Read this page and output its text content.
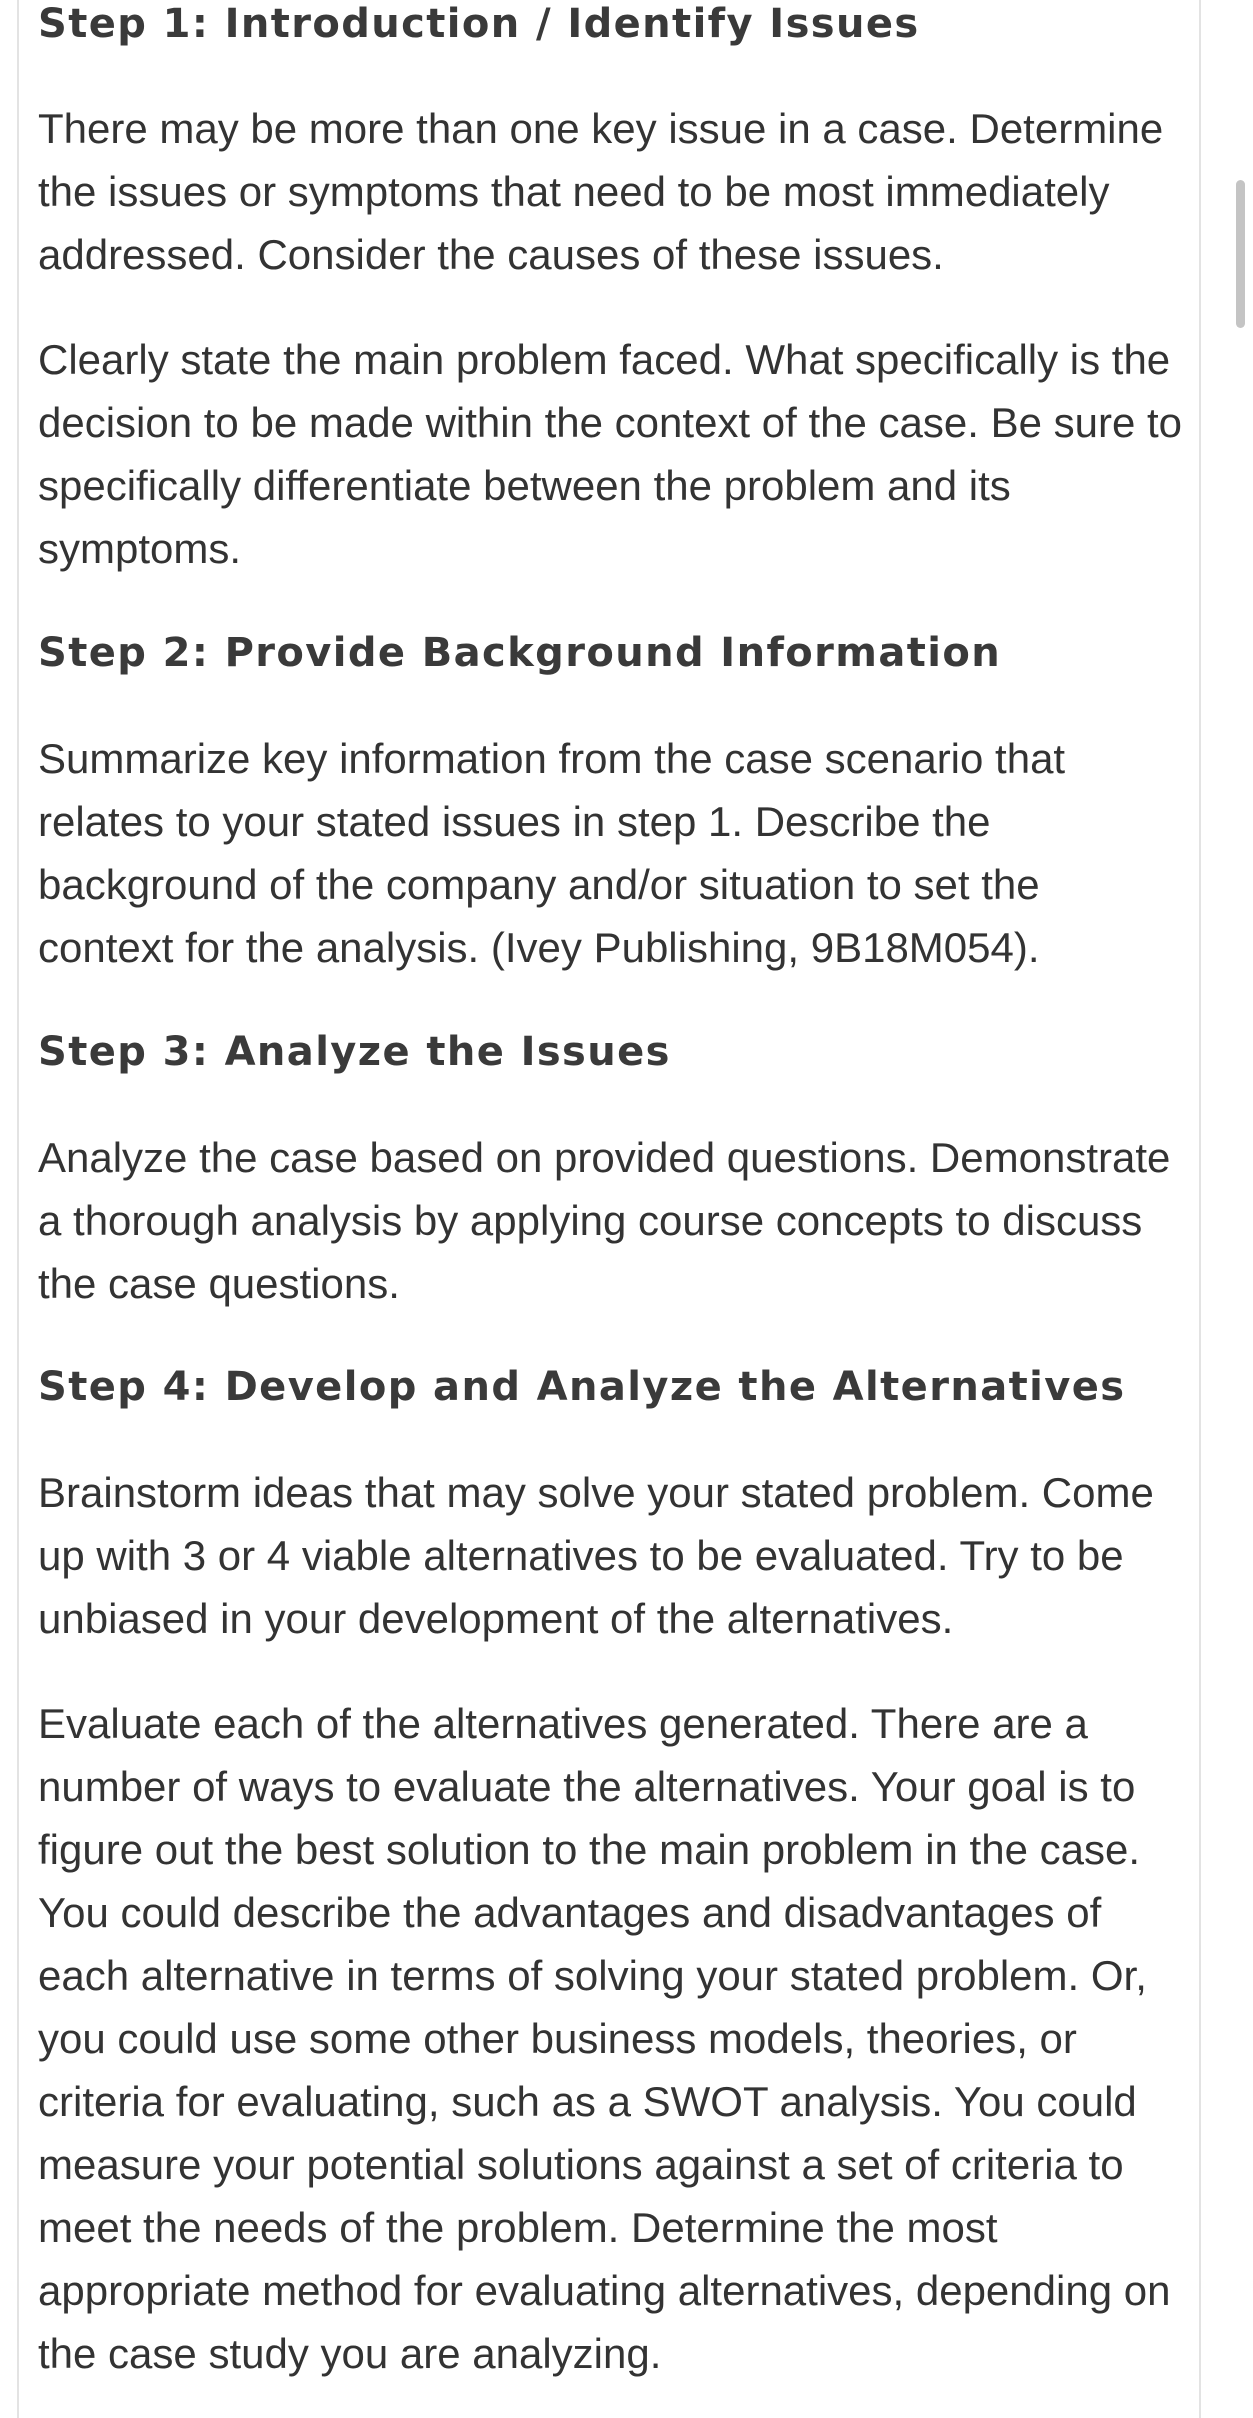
Step 1: Introduction / Identify Issues

There may be more than one key issue in a case. Determine
the issues or symptoms that need to be most immediately
addressed. Consider the causes of these issues.

Clearly state the main problem faced. What specifically is the
decision to be made within the context of the case. Be sure to
specifically differentiate between the problem and its
symptoms.

Step 2: Provide Background Information

Summarize key information from the case scenario that
relates to your stated issues in step 1. Describe the
background of the company and/or situation to set the
context for the analysis. (Ivey Publishing, 9B18M054).

Step 3: Analyze the Issues

Analyze the case based on provided questions. Demonstrate
a thorough analysis by applying course concepts to discuss
the case questions.

Step 4: Develop and Analyze the Alternatives

Brainstorm ideas that may solve your stated problem. Come
up with 3 or 4 viable alternatives to be evaluated. Try to be
unbiased in your development of the alternatives.

Evaluate each of the alternatives generated. There are a
number of ways to evaluate the alternatives. Your goal is to
figure out the best solution to the main problem in the case.
You could describe the advantages and disadvantages of
each alternative in terms of solving your stated problem. Or,
you could use some other business models, theories, or
criteria for evaluating, such as a SWOT analysis. You could
measure your potential solutions against a set of criteria to
meet the needs of the problem. Determine the most
appropriate method for evaluating alternatives, depending on
the case study you are analyzing.
